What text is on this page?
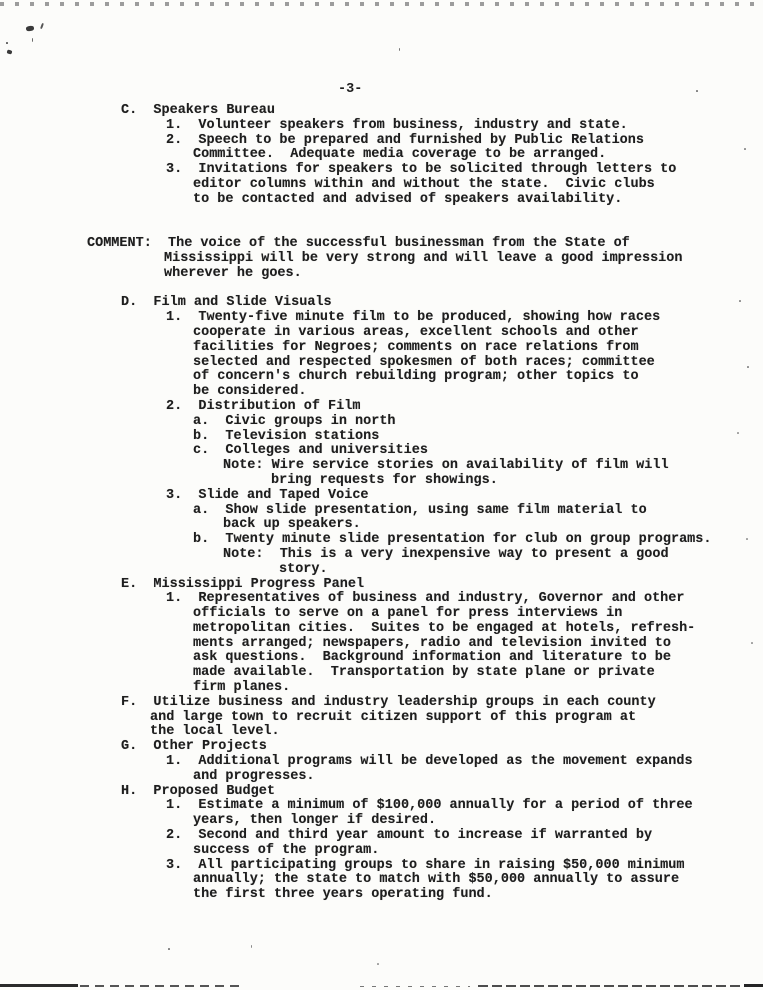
-3-
C.  Speakers Bureau
1.  Volunteer speakers from business, industry and state.
2.  Speech to be prepared and furnished by Public Relations
Committee.  Adequate media coverage to be arranged.
3.  Invitations for speakers to be solicited through letters to
editor columns within and without the state.  Civic clubs
to be contacted and advised of speakers availability.
COMMENT:  The voice of the successful businessman from the State of
Mississippi will be very strong and will leave a good impression
wherever he goes.
D.  Film and Slide Visuals
1.  Twenty-five minute film to be produced, showing how races
cooperate in various areas, excellent schools and other
facilities for Negroes; comments on race relations from
selected and respected spokesmen of both races; committee
of concern's church rebuilding program; other topics to
be considered.
2.  Distribution of Film
a.  Civic groups in north
b.  Television stations
c.  Colleges and universities
Note: Wire service stories on availability of film will
bring requests for showings.
3.  Slide and Taped Voice
a.  Show slide presentation, using same film material to
back up speakers.
b.  Twenty minute slide presentation for club on group programs.
Note:  This is a very inexpensive way to present a good
story.
E.  Mississippi Progress Panel
1.  Representatives of business and industry, Governor and other
officials to serve on a panel for press interviews in
metropolitan cities.  Suites to be engaged at hotels, refresh-
ments arranged; newspapers, radio and television invited to
ask questions.  Background information and literature to be
made available.  Transportation by state plane or private
firm planes.
F.  Utilize business and industry leadership groups in each county
and large town to recruit citizen support of this program at
the local level.
G.  Other Projects
1.  Additional programs will be developed as the movement expands
and progresses.
H.  Proposed Budget
1.  Estimate a minimum of $100,000 annually for a period of three
years, then longer if desired.
2.  Second and third year amount to increase if warranted by
success of the program.
3.  All participating groups to share in raising $50,000 minimum
annually; the state to match with $50,000 annually to assure
the first three years operating fund.
